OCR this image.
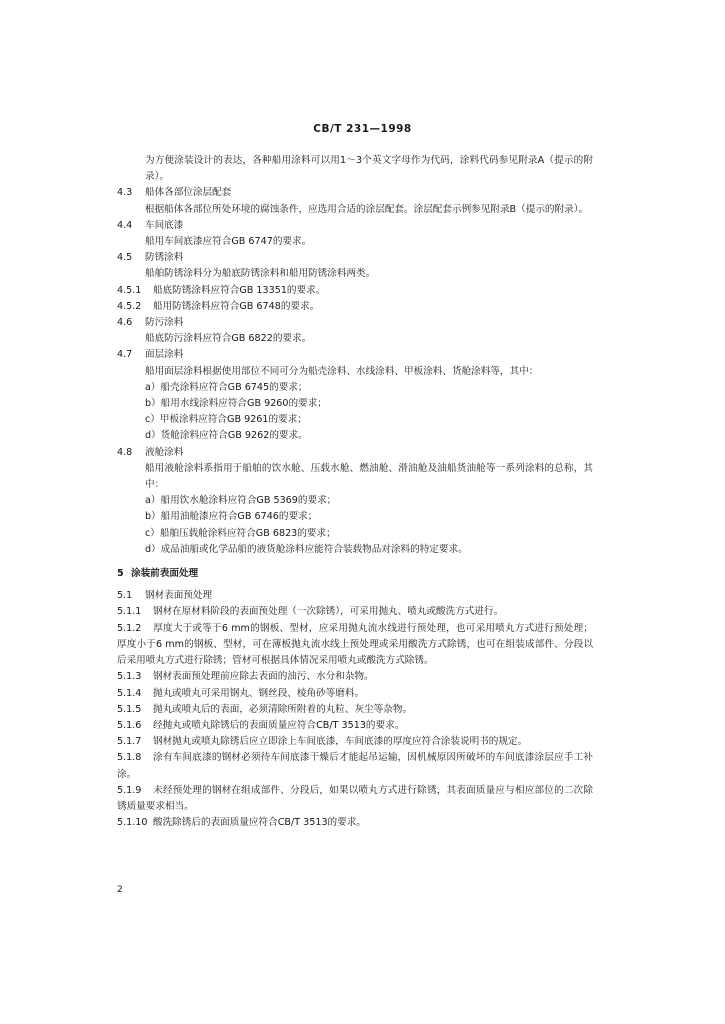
CB/T 231—1998

为方便涂装设计的表达，各种船用涂料可以用1～3个英文字母作为代码，涂料代码参见附录A（提示的附录）。

4.3 船体各部位涂层配套

根据船体各部位所处环境的腐蚀条件，应选用合适的涂层配套。涂层配套示例参见附录B（提示的附录）。

4.4 车间底漆

船用车间底漆应符合GB 6747的要求。

4.5 防锈涂料

船舶防锈涂料分为船底防锈涂料和船用防锈涂料两类。

4.5.1 船底防锈涂料应符合GB 13351的要求。

4.5.2 船用防锈涂料应符合GB 6748的要求。

4.6 防污涂料

船底防污涂料应符合GB 6822的要求。

4.7 面层涂料

船用面层涂料根据使用部位不同可分为船壳涂料、水线涂料、甲板涂料、货舱涂料等，其中：

a）船壳涂料应符合GB 6745的要求；

b）船用水线涂料应符合GB 9260的要求；

c）甲板涂料应符合GB 9261的要求；

d）货舱涂料应符合GB 9262的要求。

4.8 液舱涂料

船用液舱涂料系指用于船舶的饮水舱、压载水舱、燃油舱、滑油舱及油船货油舱等一系列涂料的总称，其中：

a）船用饮水舱涂料应符合GB 5369的要求；

b）船用油舱漆应符合GB 6746的要求；

c）船舶压载舱涂料应符合GB 6823的要求；

d）成品油船或化学品船的液货舱涂料应能符合装载物品对涂料的特定要求。

5 涂装前表面处理

5.1 钢材表面预处理

5.1.1 钢材在原材料阶段的表面预处理（一次除锈），可采用抛丸、喷丸或酸洗方式进行。

5.1.2 厚度大于或等于6 mm的钢板、型材，应采用抛丸流水线进行预处理，也可采用喷丸方式进行预处理；厚度小于6 mm的钢板、型材，可在薄板抛丸流水线上预处理或采用酸洗方式除锈，也可在组装成部件、分段以后采用喷丸方式进行除锈；管材可根据具体情况采用喷丸或酸洗方式除锈。

5.1.3 钢材表面预处理前应除去表面的油污、水分和杂物。

5.1.4 抛丸或喷丸可采用钢丸、钢丝段、棱角砂等磨料。

5.1.5 抛丸或喷丸后的表面，必须清除所附着的丸粒、灰尘等杂物。

5.1.6 经抛丸或喷丸除锈后的表面质量应符合CB/T 3513的要求。

5.1.7 钢材抛丸或喷丸除锈后应立即涂上车间底漆，车间底漆的厚度应符合涂装说明书的规定。

5.1.8 涂有车间底漆的钢材必须待车间底漆干燥后才能起吊运输，因机械原因所破坏的车间底漆涂层应手工补涂。

5.1.9 未经预处理的钢材在组成部件、分段后，如果以喷丸方式进行除锈，其表面质量应与相应部位的二次除锈质量要求相当。

5.1.10 酸洗除锈后的表面质量应符合CB/T 3513的要求。

2
